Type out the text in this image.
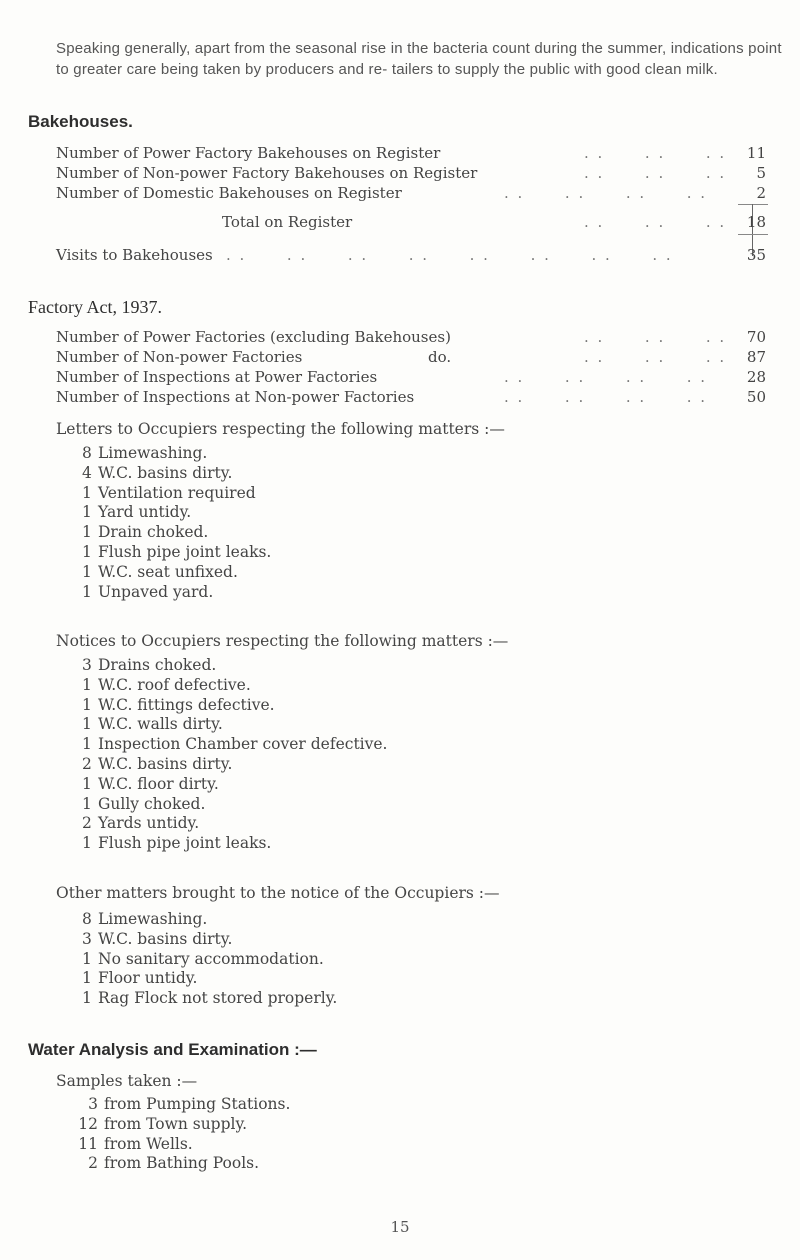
Speaking generally, apart from the seasonal rise in the bacteria count during the summer, indications point to greater care being taken by producers and re- tailers to supply the public with good clean milk.
Bakehouses.
Number of Power Factory Bakehouses on Register	. .      . .      . . 11
Number of Non-power Factory Bakehouses on Register	. .      . .      . . 5
Number of Domestic Bakehouses on Register	. .      . .      . .      . .	2
Total on Register	. .      . .      . . 18
Visits to Bakehouses . .      . .      . .      . .      . .      . .      . .      . .	35
Factory Act, 1937.
Number of Power Factories (excluding Bakehouses)	. .      . .      . . 70
Number of Non-power Factories	do.	. .      . .      . . 87
Number of Inspections at Power Factories	. .      . .      . .      . .	28
Number of Inspections at Non-power Factories	. .      . .      . .      . .	50
Letters to Occupiers respecting the following matters :—
8 Limewashing.
4 W.C. basins dirty.
1 Ventilation required
1 Yard untidy.
1 Drain choked.
1 Flush pipe joint leaks.
1 W.C. seat unfixed.
1 Unpaved yard.
Notices to Occupiers respecting the following matters :—
3 Drains choked.
1 W.C. roof defective.
1 W.C. fittings defective.
1 W.C. walls dirty.
1 Inspection Chamber cover defective.
2 W.C. basins dirty.
1 W.C. floor dirty.
1 Gully choked.
2 Yards untidy.
1 Flush pipe joint leaks.
Other matters brought to the notice of the Occupiers :—
8 Limewashing.
3 W.C. basins dirty.
1 No sanitary accommodation.
1 Floor untidy.
1 Rag Flock not stored properly.
Water Analysis and Examination :—
Samples taken :—
3 from Pumping Stations.
12 from Town supply.
11 from Wells.
2 from Bathing Pools.
15
